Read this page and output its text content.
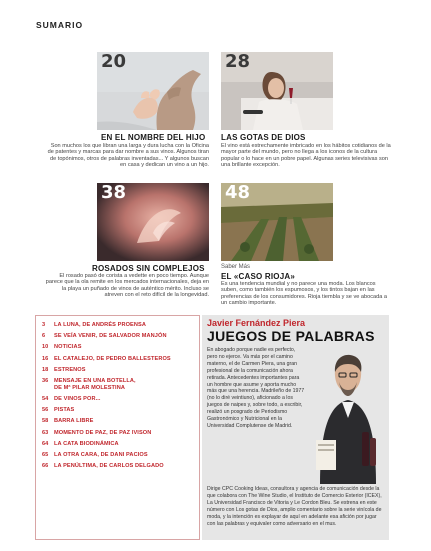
SUMARIO
20
EN EL NOMBRE DEL HIJO
Son muchos los que libran una larga y dura lucha con la Oficina de patentes y marcas para dar nombre a sus vinos. Algunos tiran de topónimos, otros de palabras inventadas... Y algunos buscan en casa y dedican un vino a un hijo.
28
LAS GOTAS DE DIOS
El vino está estrechamente imbricado en los hábitos cotidianos de la mayor parte del mundo, pero no llega a los iconos de la cultura popular o lo hace en un pobre papel. Algunas series televisivas son una brillante excepción.
38
ROSADOS SIN COMPLEJOS
El rosado pasó de corista a vedette en poco tiempo. Aunque parece que la ola remite en los mercados internacionales, deja en la playa un puñado de vinos de auténtico mérito. Incluso se atreven con el reto difícil de la longevidad.
48
Saber Más
EL «CASO RIOJA»
Es una tendencia mundial y no parece una moda. Los blancos suben, como también los espumosos, y los tintos bajan en las preferencias de los consumidores. Rioja tiembla y se ve abocada a un cambio importante.
3	LA LUNA, DE ANDRÉS PROENSA
6	SE VEÍA VENIR, DE SALVADOR MANJÓN
10	NOTICIAS
16	EL CATALEJO, DE PEDRO BALLESTEROS
18	ESTRENOS
36	MENSAJE EN UNA BOTELLA,
DE Mª PILAR MOLESTINA
54	DE VINOS POR...
56	PISTAS
58	BARRA LIBRE
63	MOMENTO DE PAZ, DE PAZ IVISON
64	LA CATA BIODINÁMICA
65	LA OTRA CARA, DE DANI PACIOS
66	LA PENÚLTIMA, DE CARLOS DELGADO
Javier Fernández Piera
JUEGOS DE PALABRAS
En abogado porque nadie es perfecto, pero no ejerce. Va más por el camino materno, el de Carmen Piera, una gran profesional de la comunicación ahora retirada. Antecedentes importantes para un hombre que asume y aporta mucho más que una herencia. Madrileño de 1977 (no lo diré veintiuno), aficionado a los juegos de naipes y, sobre todo, a escribir, realizó un posgrado de Periodismo Gastronómico y Nutricional en la Universidad Complutense de Madrid.
Dirige CPC Cooking Ideas, consultora y agencia de comunicación desde la que colabora con The Wine Studio, el Instituto de Comercio Exterior (ICEX), La Universidad Francisco de Vitoria y Le Cordon Bleu. Se estrena en este número con Los gotas de Dios, amplio comentario sobre la serie vinícola de moda, y la intención es explayar de aquí en adelante esa afición por jugar con las palabras y equivaler como adversario en el mus.
